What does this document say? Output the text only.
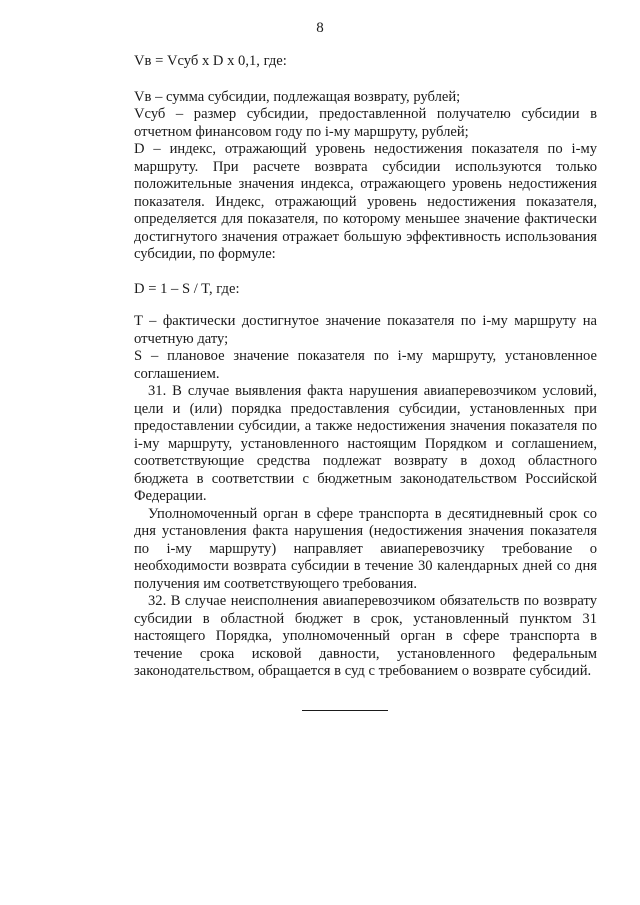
8

Vв = Vсуб х D х 0,1, где:

Vв – сумма субсидии, подлежащая возврату, рублей;

Vсуб – размер субсидии, предоставленной получателю субсидии в отчетном финансовом году по i-му маршруту, рублей;

D – индекс, отражающий уровень недостижения показателя по i-му маршруту. При расчете возврата субсидии используются только положительные значения индекса, отражающего уровень недостижения показателя. Индекс, отражающий уровень недостижения показателя, определяется для показателя, по которому меньшее значение фактически достигнутого значения отражает большую эффективность использования субсидии, по формуле:

D = 1 – S / T, где:

T – фактически достигнутое значение показателя по i-му маршруту на отчетную дату;

S – плановое значение показателя по i-му маршруту, установленное соглашением.

31. В случае выявления факта нарушения авиаперевозчиком условий, цели и (или) порядка предоставления субсидии, установленных при предоставлении субсидии, а также недостижения значения показателя по i-му маршруту, установленного настоящим Порядком и соглашением, соответствующие средства подлежат возврату в доход областного бюджета в соответствии с бюджетным законодательством Российской Федерации.

Уполномоченный орган в сфере транспорта в десятидневный срок со дня установления факта нарушения (недостижения значения показателя по i-му маршруту) направляет авиаперевозчику требование о необходимости возврата субсидии в течение 30 календарных дней со дня получения им соответствующего требования.

32. В случае неисполнения авиаперевозчиком обязательств по возврату субсидии в областной бюджет в срок, установленный пунктом 31 настоящего Порядка, уполномоченный орган в сфере транспорта в течение срока исковой давности, установленного федеральным законодательством, обращается в суд с требованием о возврате субсидий.
